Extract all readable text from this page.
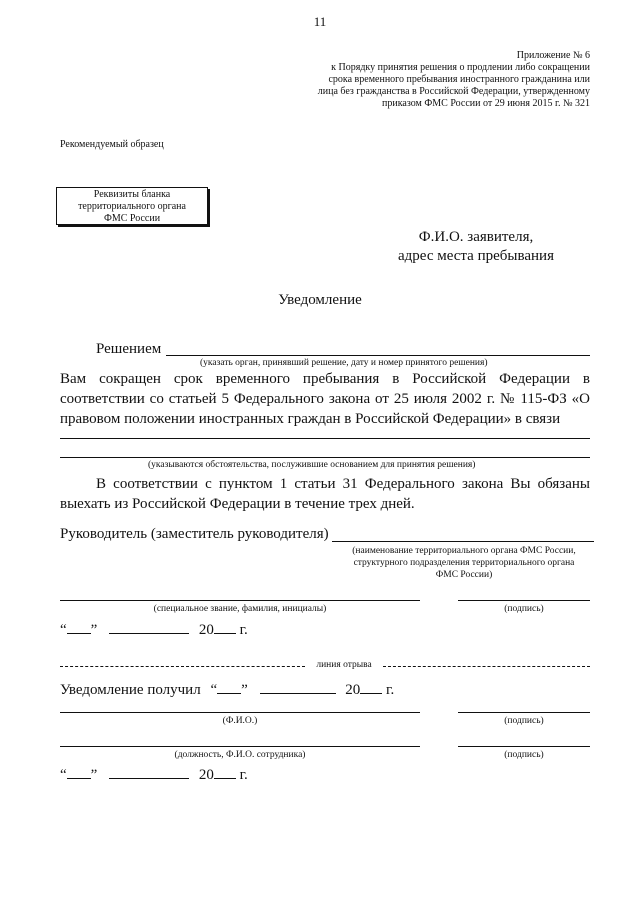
11
Приложение № 6
к Порядку принятия решения о продлении либо сокращении
срока временного пребывания иностранного гражданина или
лица без гражданства в Российской Федерации, утвержденному
приказом ФМС России от 29 июня 2015 г. № 321
Рекомендуемый образец
Реквизиты бланка
территориального органа
ФМС России
Ф.И.О. заявителя,
адрес места пребывания
Уведомление
Решением
(указать орган, принявший решение, дату и номер принятого решения)
Вам сокращен срок временного пребывания в Российской Федерации в соответствии со статьей 5 Федерального закона от 25 июля 2002 г. № 115-ФЗ «О правовом положении иностранных граждан в Российской Федерации» в связи
(указываются обстоятельства, послужившие основанием для принятия решения)
В соответствии с пунктом 1 статьи 31 Федерального закона Вы обязаны выехать из Российской Федерации в течение трех дней.
Руководитель (заместитель руководителя)
(наименование территориального органа ФМС России,
структурного подразделения территориального органа
ФМС России)
(специальное звание, фамилия, инициалы)	(подпись)
“ ”	20 г.
линия отрыва
Уведомление получил “ ”	20 г.
(Ф.И.О.)	(подпись)
(должность, Ф.И.О. сотрудника)	(подпись)
“ ”	20 г.
